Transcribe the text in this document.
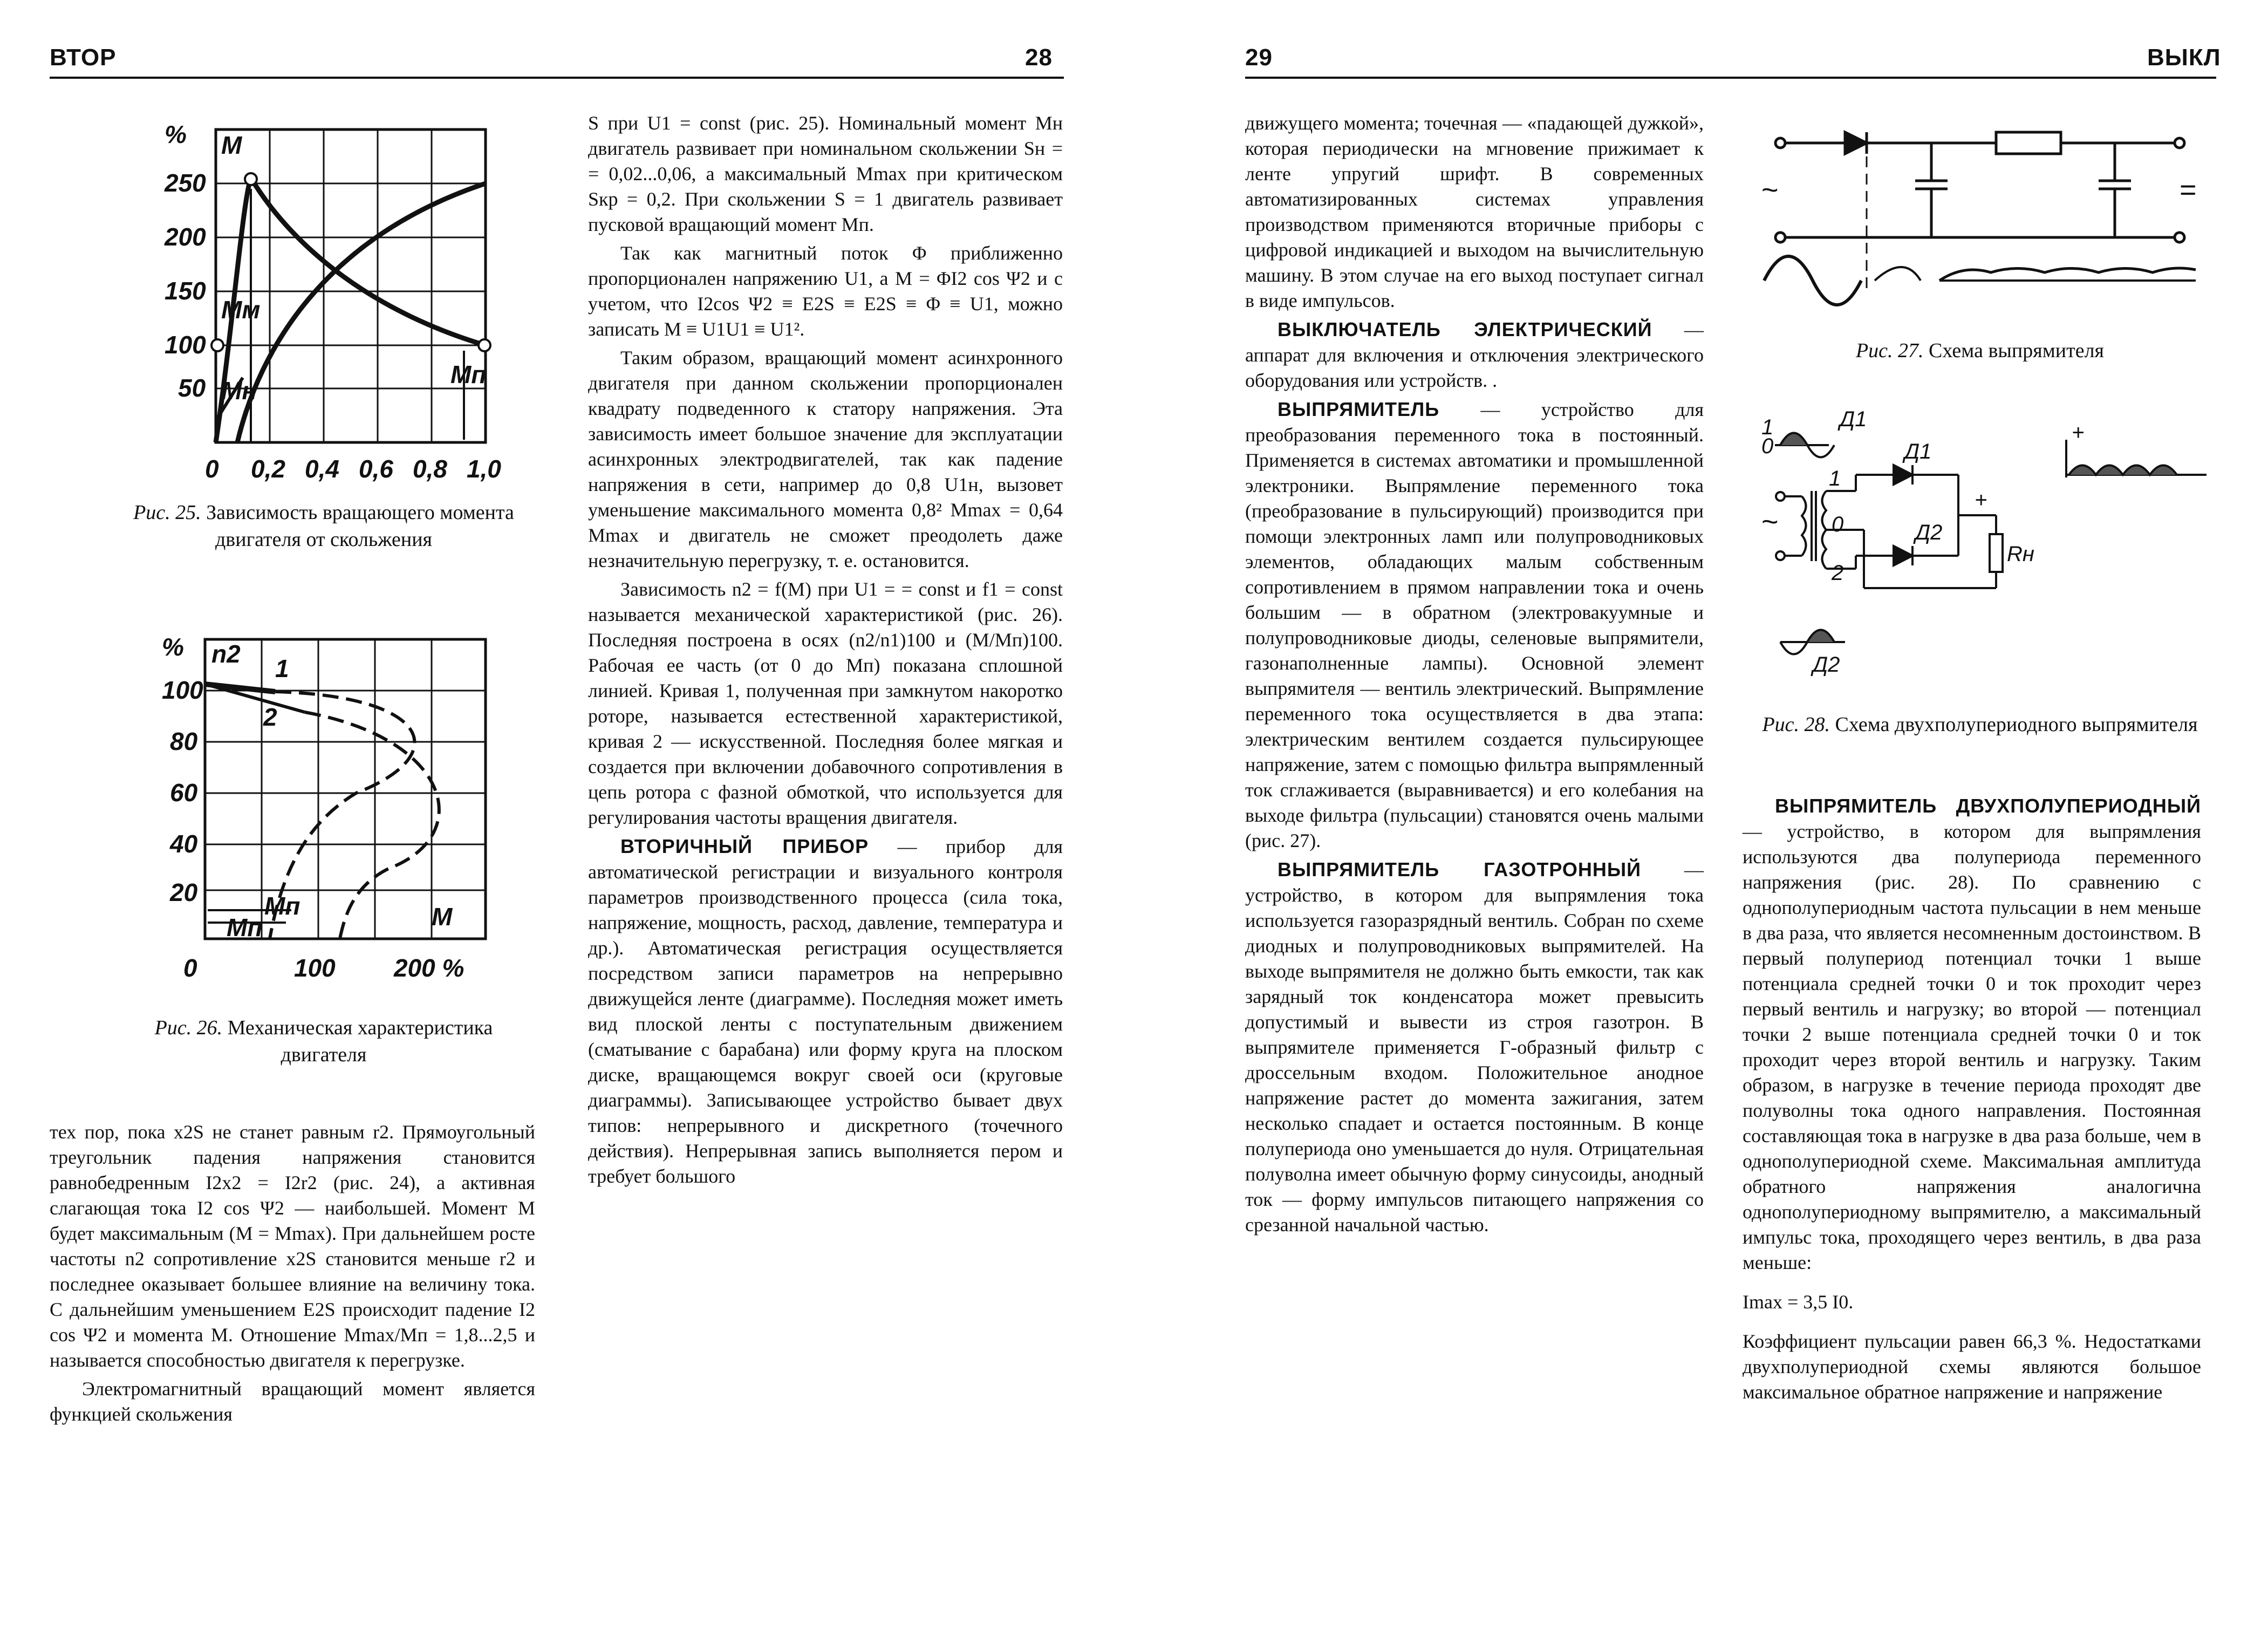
ВТОР	28	29	ВЫКЛ
%
250
200
150
100
50
0 0,2 0,4 0,6 0,8 1,0
M
Mм
Mн
Mп
Рис. 25. Зависимость вращающего момента двигателя от скольжения
%
100
80
60
40
20
0	100 200 %
n2
1
2
Mп
Mп	M
Рис. 26. Механическая характеристика двигателя

тех пор, пока x2S не станет равным r2. Прямоугольный треугольник падения напряжения становится равнобедренным I2x2 = I2r2 (рис. 24), а активная слагающая тока I2 cos Ψ2 — наибольшей. Момент M будет максимальным (M = Mmax). При дальнейшем росте частоты n2 сопротивление x2S становится меньше r2 и последнее оказывает большее влияние на величину тока. С дальнейшим уменьшением E2S происходит падение I2 cos Ψ2 и момента M. Отношение Mmax/Mп = 1,8...2,5 и называется способностью двигателя к перегрузке.

Электромагнитный вращающий момент является функцией скольжения

S при U1 = const (рис. 25). Номинальный момент Mн двигатель развивает при номинальном скольжении Sн = = 0,02...0,06, а максимальный Mmax при критическом Sкр = 0,2. При скольжении S = 1 двигатель развивает пусковой вращающий момент Mп.

Так как магнитный поток Φ приближенно пропорционален напряжению U1, а M = ΦI2 cos Ψ2 и с учетом, что I2cos Ψ2 ≡ E2S ≡ E2S ≡ Φ ≡ U1, можно записать M ≡ U1U1 ≡ U1².

Таким образом, вращающий момент асинхронного двигателя при данном скольжении пропорционален квадрату подведенного к статору напряжения. Эта зависимость имеет большое значение для эксплуатации асинхронных электродвигателей, так как падение напряжения в сети, например до 0,8 U1н, вызовет уменьшение максимального момента 0,8² Mmax = 0,64 Mmax и двигатель не сможет преодолеть даже незначительную перегрузку, т. е. остановится.

Зависимость n2 = f(M) при U1 = = const и f1 = const называется механической характеристикой (рис. 26). Последняя построена в осях (n2/n1)100 и (M/Mп)100. Рабочая ее часть (от 0 до Mп) показана сплошной линией. Кривая 1, полученная при замкнутом накоротко роторе, называется естественной характеристикой, кривая 2 — искусственной. Последняя более мягкая и создается при включении добавочного сопротивления в цепь ротора с фазной обмоткой, что используется для регулирования частоты вращения двигателя.

ВТОРИЧНЫЙ ПРИБОР — прибор для автоматической регистрации и визуального контроля параметров производственного процесса (сила тока, напряжение, мощность, расход, давление, температура и др.). Автоматическая регистрация осуществляется посредством записи параметров на непрерывно движущейся ленте (диаграмме). Последняя может иметь вид плоской ленты с поступательным движением (сматывание с барабана) или форму круга на плоском диске, вращающемся вокруг своей оси (круговые диаграммы). Записывающее устройство бывает двух типов: непрерывного и дискретного (точечного действия). Непрерывная запись выполняется пером и требует большого

движущего момента; точечная — «падающей дужкой», которая периодически на мгновение прижимает к ленте упругий шрифт. В современных автоматизированных системах управления производством применяются вторичные приборы с цифровой индикацией и выходом на вычислительную машину. В этом случае на его выход поступает сигнал в виде импульсов.

ВЫКЛЮЧАТЕЛЬ ЭЛЕКТРИЧЕСКИЙ — аппарат для включения и отключения электрического оборудования или устройств. .

ВЫПРЯМИТЕЛЬ — устройство для преобразования переменного тока в постоянный. Применяется в системах автоматики и промышленной электроники. Выпрямление переменного тока (преобразование в пульсирующий) производится при помощи электронных ламп или полупроводниковых элементов, обладающих малым собственным сопротивлением в прямом направлении тока и очень большим — в обратном (электровакуумные и полупроводниковые диоды, селеновые выпрямители, газонаполненные лампы). Основной элемент выпрямителя — вентиль электрический. Выпрямление переменного тока осуществляется в два этапа: электрическим вентилем создается пульсирующее напряжение, затем с помощью фильтра выпрямленный ток сглаживается (выравнивается) и его колебания на выходе фильтра (пульсации) становятся очень малыми (рис. 27).

ВЫПРЯМИТЕЛЬ ГАЗОТРОННЫЙ — устройство, в котором для выпрямления тока используется газоразрядный вентиль. Собран по схеме диодных и полупроводниковых выпрямителей. На выходе выпрямителя не должно быть емкости, так как зарядный ток конденсатора может превысить допустимый и вывести из строя газотрон. В выпрямителе применяется Г-образный фильтр с дроссельным входом. Положительное анодное напряжение растет до момента зажигания, затем несколько спадает и остается постоянным. В конце полупериода оно уменьшается до нуля. Отрицательная полуволна имеет обычную форму синусоиды, анодный ток — форму импульсов питающего напряжения со срезанной начальной частью.

~	=
Рис. 27. Схема выпрямителя
1
0
Д1
1
0
2
Д1
Д2
Rн
+
+
Д2
~
Рис. 28. Схема двухполупериодного выпрямителя

ВЫПРЯМИТЕЛЬ ДВУХПОЛУПЕРИОДНЫЙ — устройство, в котором для выпрямления используются два полупериода переменного напряжения (рис. 28). По сравнению с однополупериодным частота пульсации в нем меньше в два раза, что является несомненным достоинством. В первый полупериод потенциал точки 1 выше потенциала средней точки 0 и ток проходит через первый вентиль и нагрузку; во второй — потенциал точки 2 выше потенциала средней точки 0 и ток проходит через второй вентиль и нагрузку. Таким образом, в нагрузке в течение периода проходят две полуволны тока одного направления. Постоянная составляющая тока в нагрузке в два раза больше, чем в однополупериодной схеме. Максимальная амплитуда обратного напряжения аналогична однополупериодному выпрямителю, а максимальный импульс тока, проходящего через вентиль, в два раза меньше:

Imax = 3,5 I0.

Коэффициент пульсации равен 66,3 %. Недостатками двухполупериодной схемы являются большое максимальное обратное напряжение и напряжение
